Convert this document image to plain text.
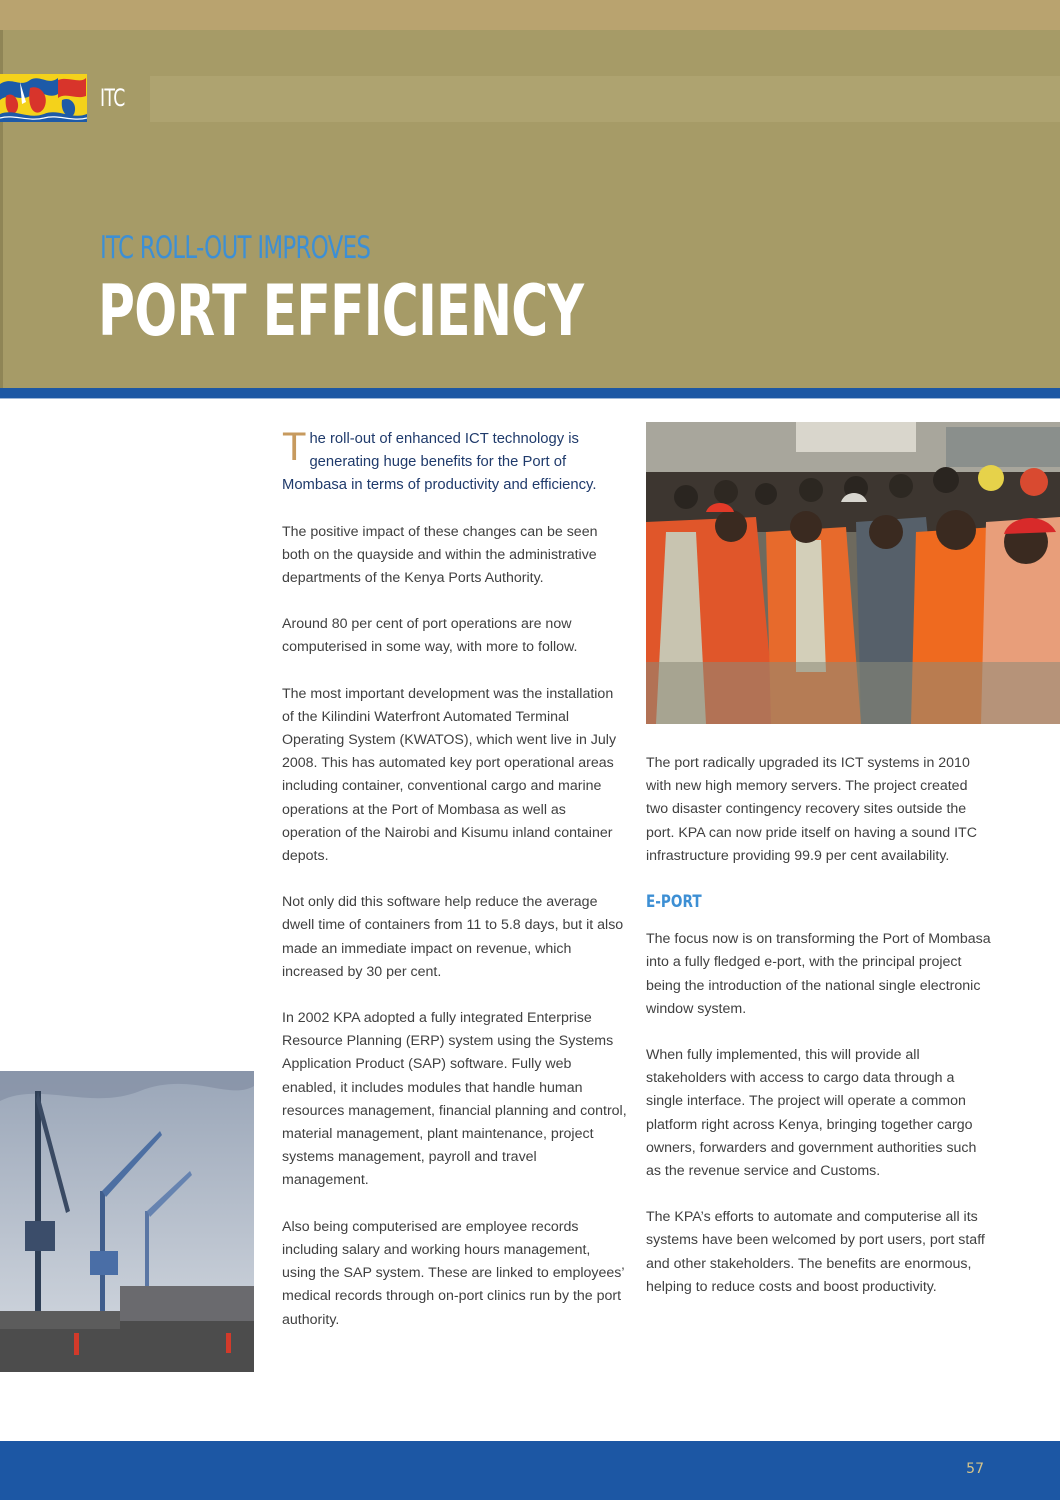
ITC
ITC ROLL-OUT IMPROVES
PORT EFFICIENCY

The roll-out of enhanced ICT technology is generating huge benefits for the Port of Mombasa in terms of productivity and efficiency.

The positive impact of these changes can be seen both on the quayside and within the administrative departments of the Kenya Ports Authority.

Around 80 per cent of port operations are now computerised in some way, with more to follow.

The most important development was the installation of the Kilindini Waterfront Automated Terminal Operating System (KWATOS), which went live in July 2008. This has automated key port operational areas including container, conventional cargo and marine operations at the Port of Mombasa as well as operation of the Nairobi and Kisumu inland container depots.

Not only did this software help reduce the average dwell time of containers from 11 to 5.8 days, but it also made an immediate impact on revenue, which increased by 30 per cent.

In 2002 KPA adopted a fully integrated Enterprise Resource Planning (ERP) system using the Systems Application Product (SAP) software. Fully web enabled, it includes modules that handle human resources management, financial planning and control, material management, plant maintenance, project systems management, payroll and travel management.

Also being computerised are employee records including salary and working hours management, using the SAP system. These are linked to employees’ medical records through on-port clinics run by the port authority.

The port radically upgraded its ICT systems in 2010 with new high memory servers. The project created two disaster contingency recovery sites outside the port. KPA can now pride itself on having a sound ITC infrastructure providing 99.9 per cent availability.

E-PORT

The focus now is on transforming the Port of Mombasa into a fully fledged e-port, with the principal project being the introduction of the national single electronic window system.

When fully implemented, this will provide all stakeholders with access to cargo data through a single interface. The project will operate a common platform right across Kenya, bringing together cargo owners, forwarders and government authorities such as the revenue service and Customs.

The KPA’s efforts to automate and computerise all its systems have been welcomed by port users, port staff and other stakeholders. The benefits are enormous, helping to reduce costs and boost productivity.

57
